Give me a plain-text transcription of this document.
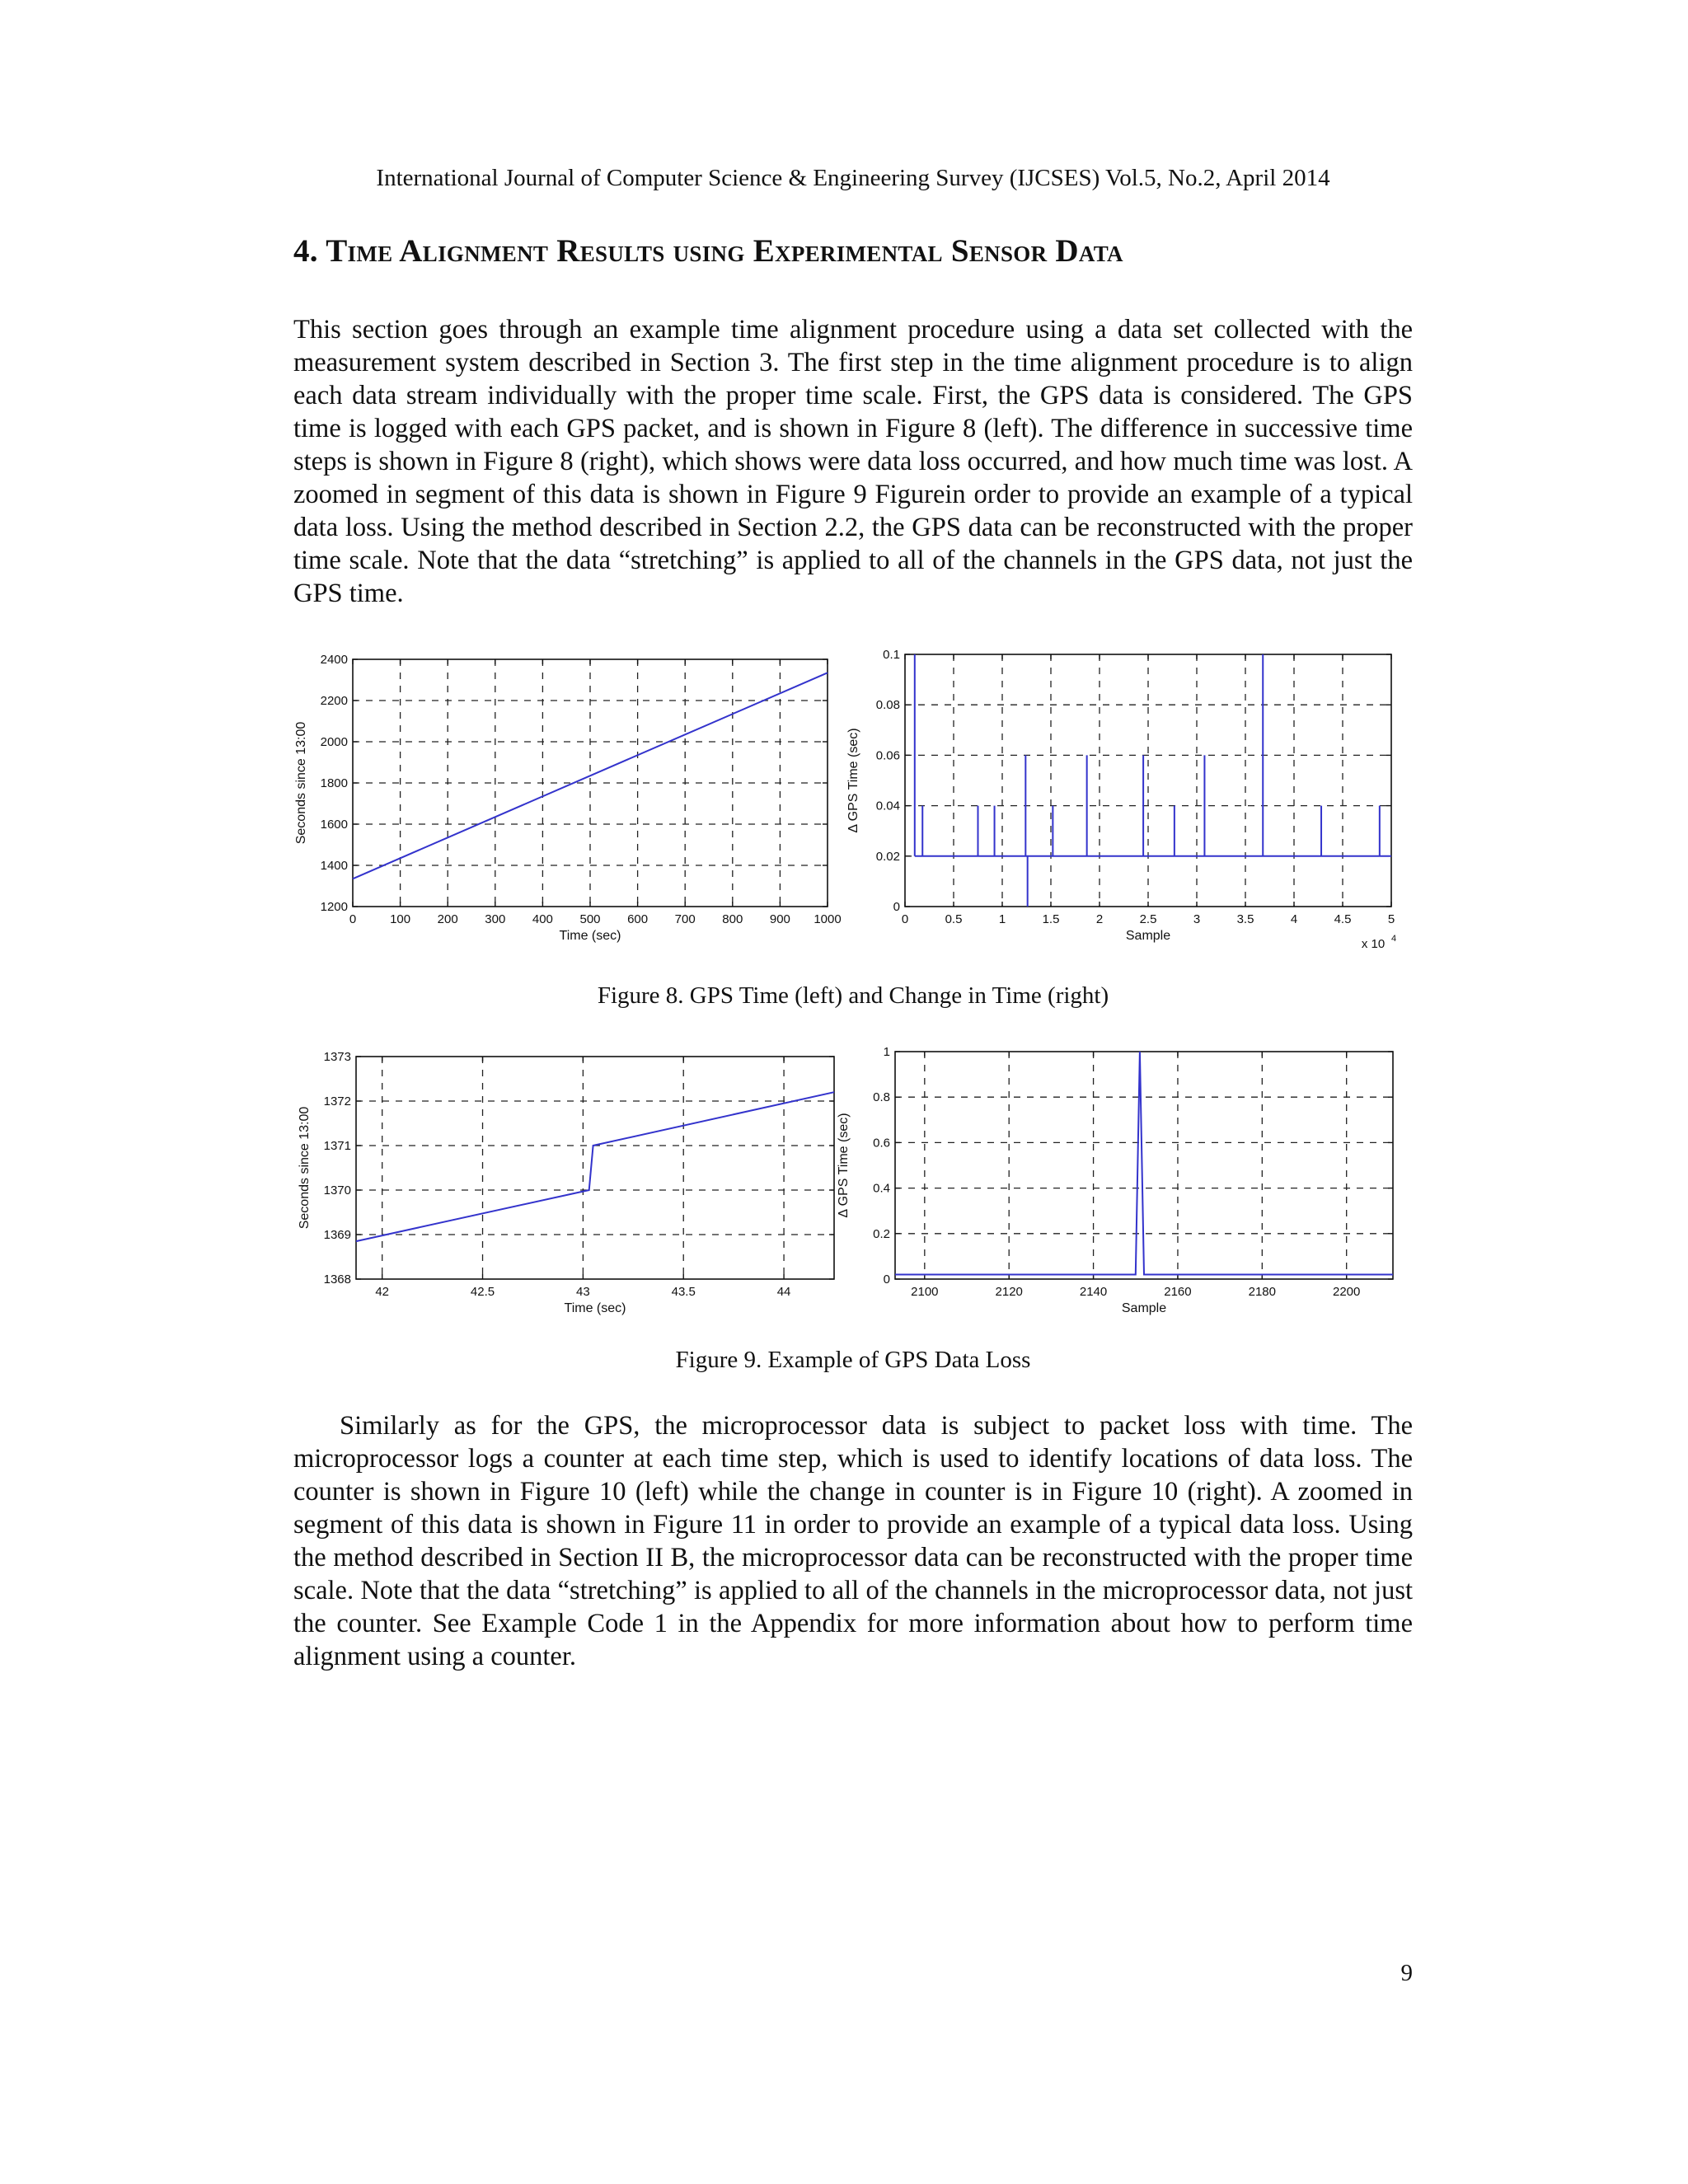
International Journal of Computer Science & Engineering Survey (IJCSES) Vol.5, No.2, April 2014
4. Time Alignment Results using Experimental Sensor Data
This section goes through an example time alignment procedure using a data set collected with the measurement system described in Section 3. The first step in the time alignment procedure is to align each data stream individually with the proper time scale. First, the GPS data is considered. The GPS time is logged with each GPS packet, and is shown in Figure 8 (left). The difference in successive time steps is shown in Figure 8 (right), which shows were data loss occurred, and how much time was lost. A zoomed in segment of this data is shown in Figure 9 Figurein order to provide an example of a typical data loss. Using the method described in Section 2.2, the GPS data can be reconstructed with the proper time scale. Note that the data “stretching” is applied to all of the channels in the GPS data, not just the GPS time.
0	100 200 300 400 500 600 700 800 900 1000
1200
1400
1600
1800
2000
2200
2400
Time (sec)
Seconds since 13:00
0	0.5	1	1.5	2	2.5	3	3.5	4	4.5	5
0
0.02
0.04
0.06
0.08
0.1
Sample
Δ GPS Time (sec)
x 10 4
Figure 8. GPS Time (left) and Change in Time (right)
42	42.5	43	43.5	44
1368
1369
1370
1371
1372
1373
Time (sec)
Seconds since 13:00
2100	2120	2140	2160	2180	2200
0
0.2
0.4
0.6
0.8
1
Sample
Δ GPS Time (sec)
Figure 9. Example of GPS Data Loss
Similarly as for the GPS, the microprocessor data is subject to packet loss with time. The microprocessor logs a counter at each time step, which is used to identify locations of data loss. The counter is shown in Figure 10 (left) while the change in counter is in Figure 10 (right). A zoomed in segment of this data is shown in Figure 11 in order to provide an example of a typical data loss. Using the method described in Section II B, the microprocessor data can be reconstructed with the proper time scale. Note that the data “stretching” is applied to all of the channels in the microprocessor data, not just the counter. See Example Code 1 in the Appendix for more information about how to perform time alignment using a counter.
9
